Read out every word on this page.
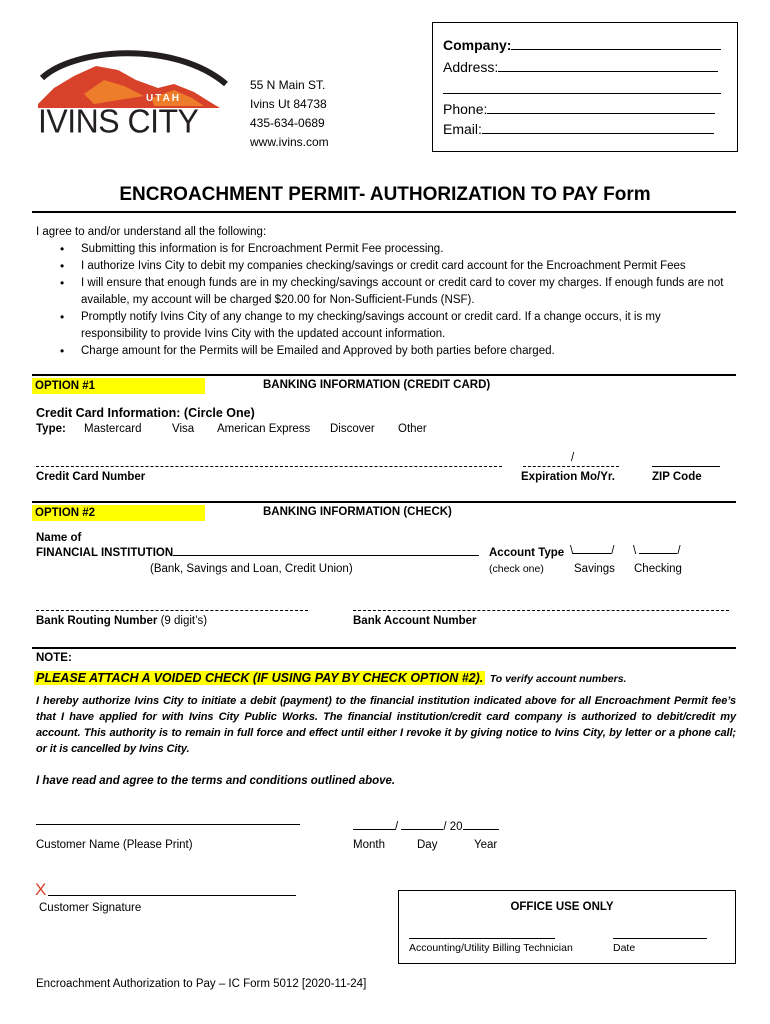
UTAH
IVINS CITY
55 N Main ST.
Ivins Ut 84738
435-634-0689
www.ivins.com
Company:
Address:
Phone:
Email:
ENCROACHMENT PERMIT- AUTHORIZATION TO PAY Form
I agree to and/or understand all the following:
• Submitting this information is for Encroachment Permit Fee processing.
• I authorize Ivins City to debit my companies checking/savings or credit card account for the Encroachment Permit Fees
• I will ensure that enough funds are in my checking/savings account or credit card to cover my charges. If enough funds are not available, my account will be charged $20.00 for Non-Sufficient-Funds (NSF).
• Promptly notify Ivins City of any change to my checking/savings account or credit card. If a change occurs, it is my responsibility to provide Ivins City with the updated account information.
• Charge amount for the Permits will be Emailed and Approved by both parties before charged.
OPTION #1	BANKING INFORMATION (CREDIT CARD)
Credit Card Information: (Circle One)
Type: Mastercard	Visa American Express Discover Other
/
Credit Card Number	Expiration Mo/Yr.	ZIP Code
OPTION #2	BANKING INFORMATION (CHECK)
Name of
FINANCIAL INSTITUTION
(Bank, Savings and Loan, Credit Union)
Account Type \	/ \	/
(check one)	Savings Checking
Bank Routing Number (9 digit’s)	Bank Account Number
NOTE:
PLEASE ATTACH A VOIDED CHECK (IF USING PAY BY CHECK OPTION #2). To verify account numbers.
I hereby authorize Ivins City to initiate a debit (payment) to the financial institution indicated above for all Encroachment Permit fee’s that I have applied for with Ivins City Public Works. The financial institution/credit card company is authorized to debit/credit my account. This authority is to remain in full force and effect until either I revoke it by giving notice to Ivins City, by letter or a phone call; or it is cancelled by Ivins City.
I have read and agree to the terms and conditions outlined above.
Customer Name (Please Print)
/	/ 20
Month	Day	Year
X
Customer Signature	OFFICE USE ONLY
Accounting/Utility Billing Technician	Date
Encroachment Authorization to Pay – IC Form 5012 [2020-11-24]
